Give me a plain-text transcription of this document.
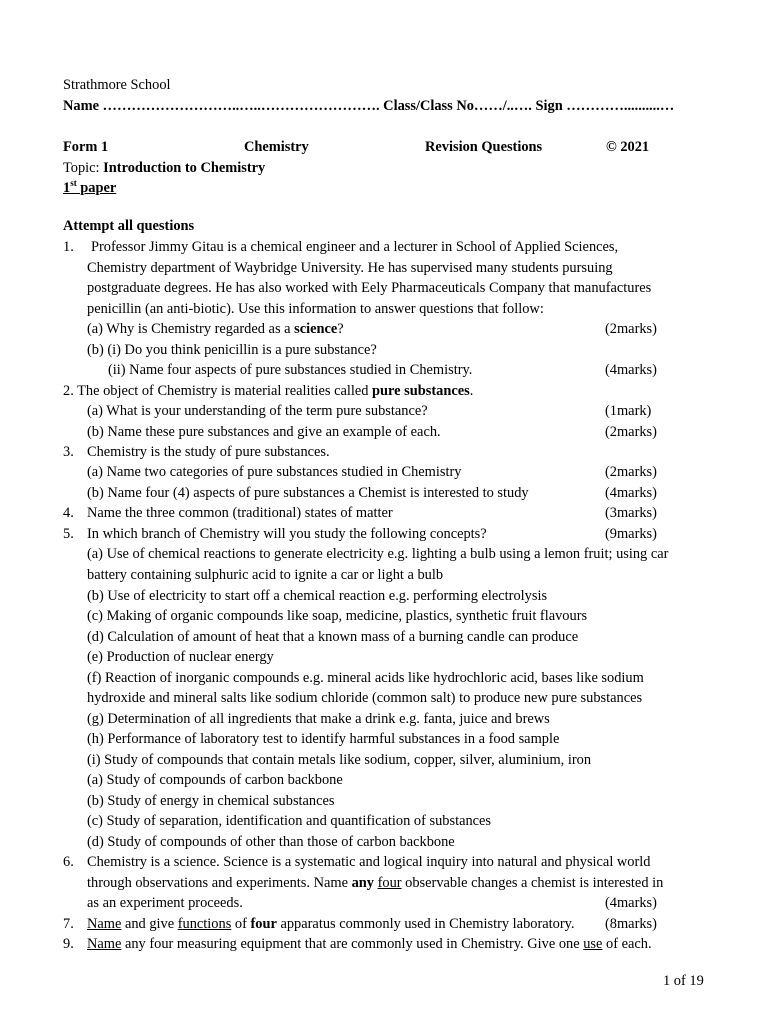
Strathmore School
Name ………………………..…..……………………. Class/Class No……/..…. Sign …………..........…
Form 1	Chemistry	Revision Questions	© 2021
Topic: Introduction to Chemistry
1st paper
Attempt all questions
1. Professor Jimmy Gitau is a chemical engineer and a lecturer in School of Applied Sciences,
Chemistry department of Waybridge University. He has supervised many students pursuing
postgraduate degrees. He has also worked with Eely Pharmaceuticals Company that manufactures
penicillin (an anti-biotic). Use this information to answer questions that follow:
(a) Why is Chemistry regarded as a science?	(2marks)
(b) (i) Do you think penicillin is a pure substance?
(ii) Name four aspects of pure substances studied in Chemistry.	(4marks)
2. The object of Chemistry is material realities called pure substances.
(a) What is your understanding of the term pure substance?	(1mark)
(b) Name these pure substances and give an example of each.	(2marks)
3. Chemistry is the study of pure substances.
(a) Name two categories of pure substances studied in Chemistry	(2marks)
(b) Name four (4) aspects of pure substances a Chemist is interested to study	(4marks)
4. Name the three common (traditional) states of matter	(3marks)
5. In which branch of Chemistry will you study the following concepts?	(9marks)
(a) Use of chemical reactions to generate electricity e.g. lighting a bulb using a lemon fruit; using car
battery containing sulphuric acid to ignite a car or light a bulb
(b) Use of electricity to start off a chemical reaction e.g. performing electrolysis
(c) Making of organic compounds like soap, medicine, plastics, synthetic fruit flavours
(d) Calculation of amount of heat that a known mass of a burning candle can produce
(e) Production of nuclear energy
(f) Reaction of inorganic compounds e.g. mineral acids like hydrochloric acid, bases like sodium
hydroxide and mineral salts like sodium chloride (common salt) to produce new pure substances
(g) Determination of all ingredients that make a drink e.g. fanta, juice and brews
(h) Performance of laboratory test to identify harmful substances in a food sample
(i) Study of compounds that contain metals like sodium, copper, silver, aluminium, iron
(a) Study of compounds of carbon backbone
(b) Study of energy in chemical substances
(c) Study of separation, identification and quantification of substances
(d) Study of compounds of other than those of carbon backbone
6. Chemistry is a science. Science is a systematic and logical inquiry into natural and physical world
through observations and experiments. Name any four observable changes a chemist is interested in
as an experiment proceeds.	(4marks)
7. Name and give functions of four apparatus commonly used in Chemistry laboratory. (8marks)
9. Name any four measuring equipment that are commonly used in Chemistry. Give one use of each.
1 of 19
